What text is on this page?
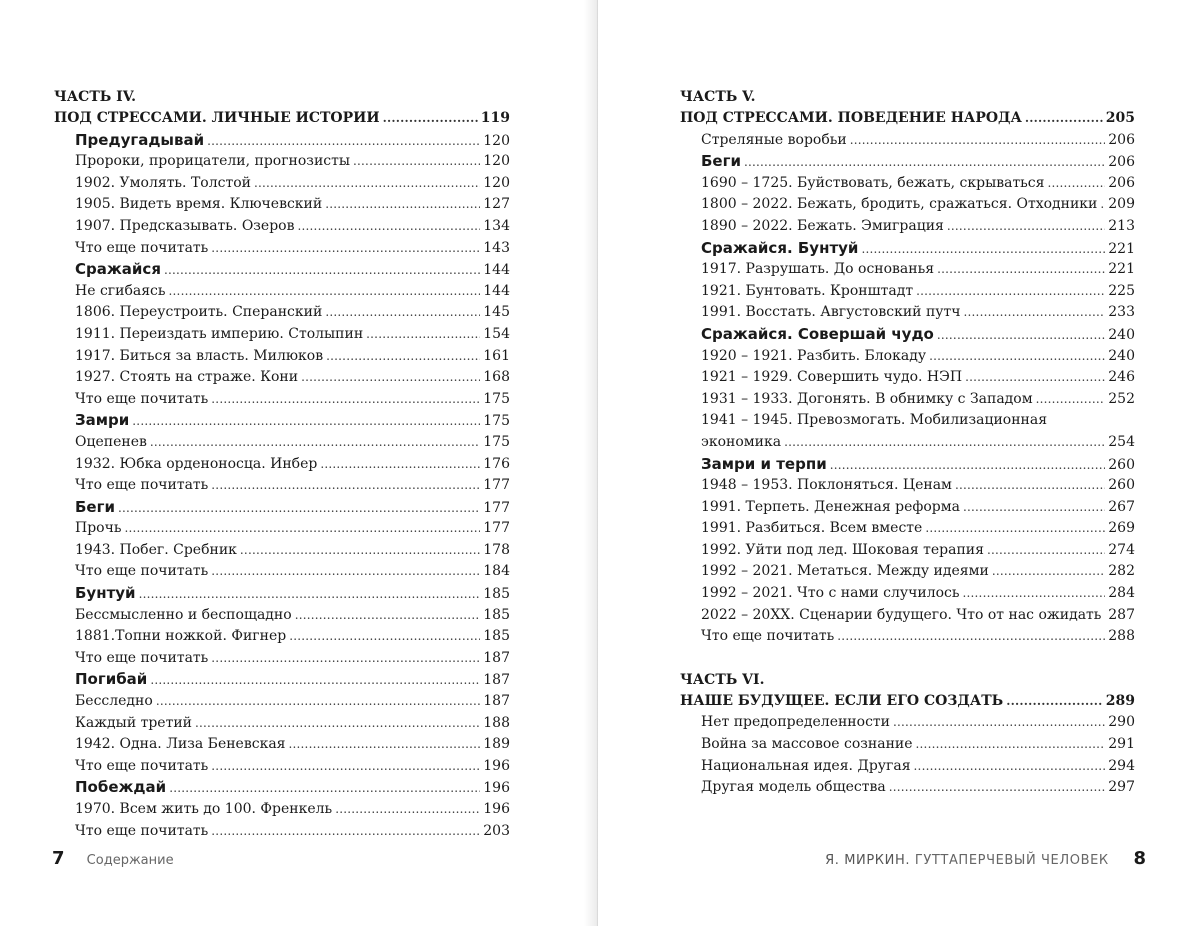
ЧАСТЬ IV.
ПОД СТРЕССАМИ. ЛИЧНЫЕ ИСТОРИИ .....	119
Предугадывай .....	120
Пророки, прорицатели, прогнозисты .....	120
1902. Умолять. Толстой .....	120
1905. Видеть время. Ключевский .....	127
1907. Предсказывать. Озеров .....	134
Что еще почитать .....	143
Сражайся .....	144
Не сгибаясь .....	144
1806. Переустроить. Сперанский .....	145
1911. Переиздать империю. Столыпин .....	154
1917. Биться за власть. Милюков .....	161
1927. Стоять на страже. Кони .....	168
Что еще почитать .....	175
Замри .....	175
Оцепенев .....	175
1932. Юбка орденоносца. Инбер .....	176
Что еще почитать .....	177
Беги .....	177
Прочь .....	177
1943. Побег. Сребник .....	178
Что еще почитать .....	184
Бунтуй .....	185
Бессмысленно и беспощадно .....	185
1881.Топни ножкой. Фигнер .....	185
Что еще почитать .....	187
Погибай .....	187
Бесследно .....	187
Каждый третий .....	188
1942. Одна. Лиза Беневская .....	189
Что еще почитать .....	196
Побеждай .....	196
1970. Всем жить до 100. Френкель .....	196
Что еще почитать .....	203
7 Содержание
ЧАСТЬ V.
ПОД СТРЕССАМИ. ПОВЕДЕНИЕ НАРОДА .....	205
Стреляные воробьи .....	206
Беги .....	206
1690 – 1725. Буйствовать, бежать, скрываться .....	206
1800 – 2022. Бежать, бродить, сражаться. Отходники ..... 209
1890 – 2022. Бежать. Эмиграция .....	213
Сражайся. Бунтуй .....	221
1917. Разрушать. До основанья .....	221
1921. Бунтовать. Кронштадт .....	225
1991. Восстать. Августовский путч .....	233
Сражайся. Совершай чудо .....	240
1920 – 1921. Разбить. Блокаду .....	240
1921 – 1929. Совершить чудо. НЭП .....	246
1931 – 1933. Догонять. В обнимку с Западом .....	252
1941 – 1945. Превозмогать. Мобилизационная
экономика .....	254
Замри и терпи .....	260
1948 – 1953. Поклоняться. Ценам .....	260
1991. Терпеть. Денежная реформа .....	267
1991. Разбиться. Всем вместе .....	269
1992. Уйти под лед. Шоковая терапия .....	274
1992 – 2021. Метаться. Между идеями .....	282
1992 – 2021. Что с нами случилось .....	284
2022 – 20ХХ. Сценарии будущего. Что от нас ожидать ..... 287
Что еще почитать .....	288
ЧАСТЬ VI.
НАШЕ БУДУЩЕЕ. ЕСЛИ ЕГО СОЗДАТЬ .....	289
Нет предопределенности .....	290
Война за массовое сознание .....	291
Национальная идея. Другая .....	294
Другая модель общества .....	297
Я. МИРКИН. ГУТТАПЕРЧЕВЫЙ ЧЕЛОВЕК 8
